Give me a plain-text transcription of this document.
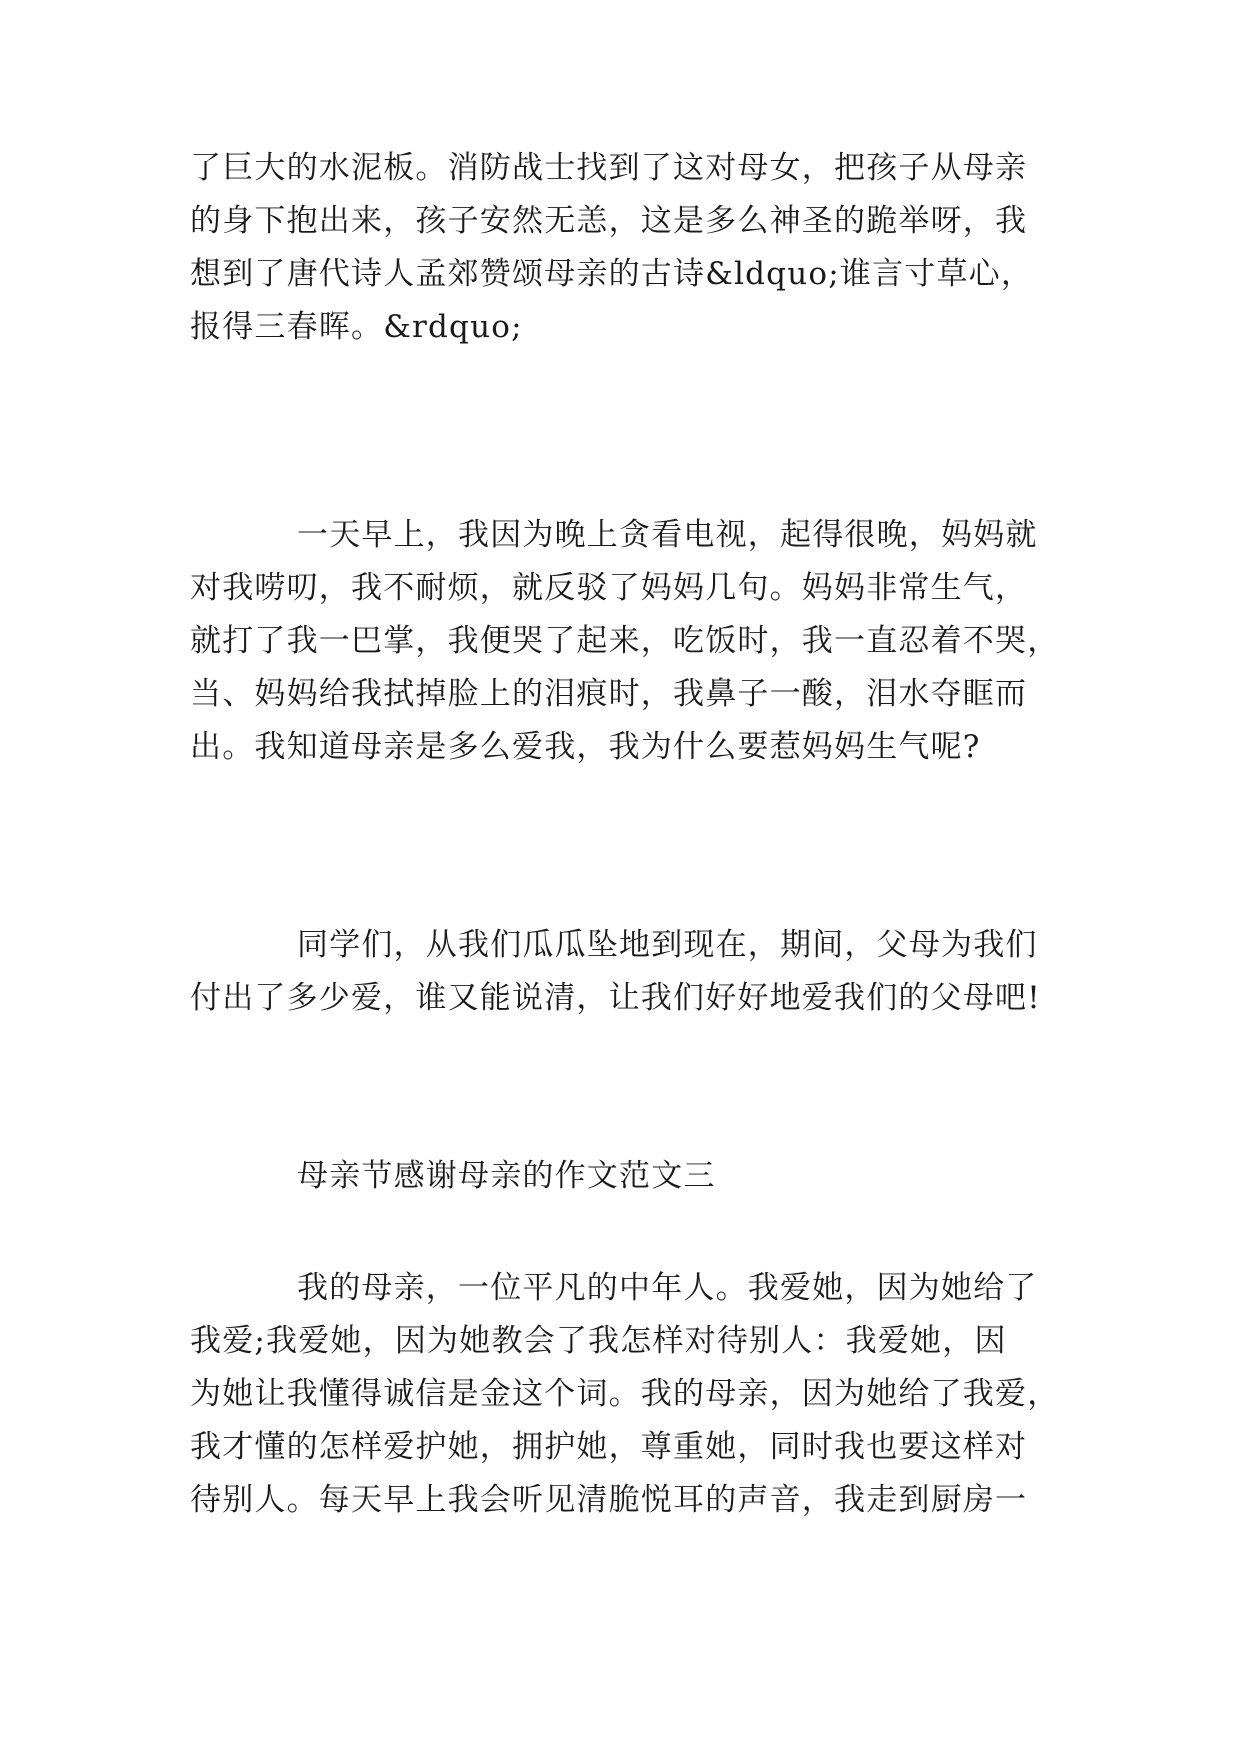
了巨大的水泥板。消防战士找到了这对母女，把孩子从母亲
的身下抱出来，孩子安然无恙，这是多么神圣的跪举呀，我
想到了唐代诗人孟郊赞颂母亲的古诗&ldquo;谁言寸草心，
报得三春晖。&rdquo;
一天早上，我因为晚上贪看电视，起得很晚，妈妈就
对我唠叨，我不耐烦，就反驳了妈妈几句。妈妈非常生气，
就打了我一巴掌，我便哭了起来，吃饭时，我一直忍着不哭，
当、妈妈给我拭掉脸上的泪痕时，我鼻子一酸，泪水夺眶而
出。我知道母亲是多么爱我，我为什么要惹妈妈生气呢?
同学们，从我们瓜瓜坠地到现在，期间，父母为我们
付出了多少爱，谁又能说清，让我们好好地爱我们的父母吧!
母亲节感谢母亲的作文范文三
我的母亲，一位平凡的中年人。我爱她，因为她给了
我爱;我爱她，因为她教会了我怎样对待别人：我爱她，因
为她让我懂得诚信是金这个词。我的母亲，因为她给了我爱，
我才懂的怎样爱护她，拥护她，尊重她，同时我也要这样对
待别人。每天早上我会听见清脆悦耳的声音，我走到厨房一
